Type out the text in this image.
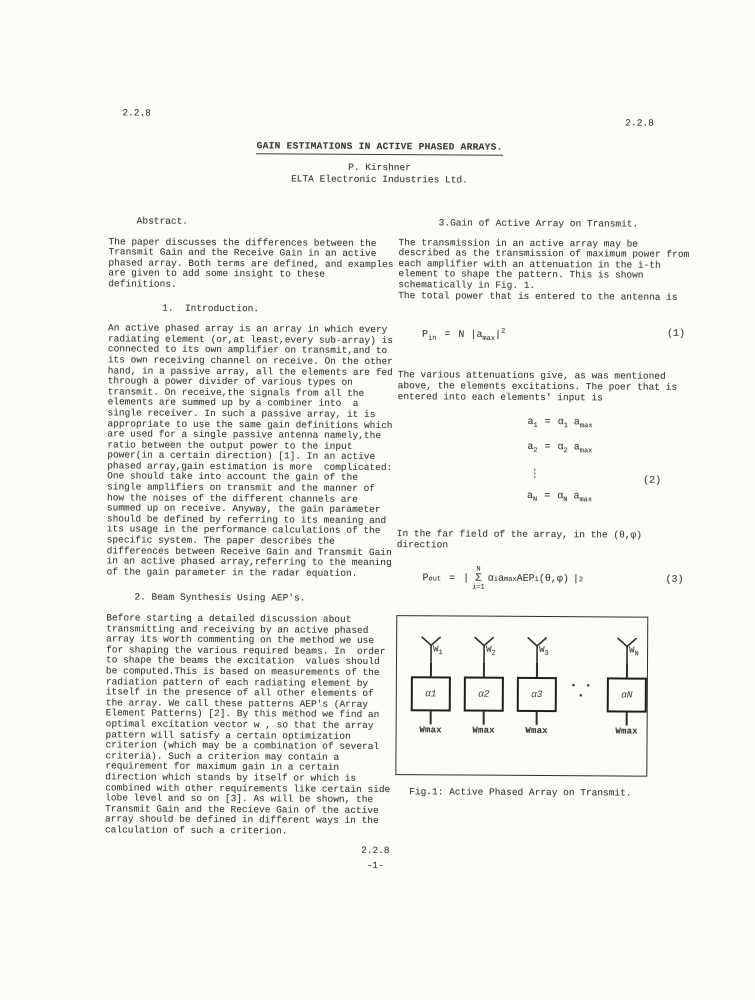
2.2.8
2.2.8
GAIN ESTIMATIONS IN ACTIVE PHASED ARRAYS.
P. Kirshner
ELTA Electronic Industries Ltd.
Abstract.
The paper discusses the differences between the Transmit Gain and the Receive Gain in an active phased array. Both terms are defined, and examples are given to add some insight to these definitions.
1.  Introduction.
An active phased array is an array in which every radiating element (or,at least,every sub-array) is connected to its own amplifier on transmit,and to its own receiving channel on receive. On the other hand, in a passive array, all the elements are fed through a power divider of various types on transmit. On receive,the signals from all the elements are summed up by a combiner into  a single receiver. In such a passive array, it is appropriate to use the same gain definitions which are used for a single passive antenna namely,the ratio between the output power to the input power(in a certain direction) [1]. In an active phased array,gain estimation is more  complicated: One should take into account the gain of the single amplifiers on transmit and the manner of how the noises of the different channels are summed up on receive. Anyway, the gain parameter should be defined by referring to its meaning and its usage in the performance calculations of the specific system. The paper describes the differences between Receive Gain and Transmit Gain in an active phased array,referring to the meaning of the gain parameter in the radar equation.
2. Beam Synthesis Using AEP's.
Before starting a detailed discussion about transmitting and receiving by an active phased array its worth commenting on the method we use for shaping the various required beams. In  order to shape the beams the excitation  values should be computed.This is based on measurements of the radiation pattern of each radiating element by itself in the presence of all other elements of the array. We call these patterns AEP's (Array Element Patterns) [2]. By this method we find an optimal excitation vector w , so that the array pattern will satisfy a certain optimization criterion (which may be a combination of several criteria). Such a criterion may contain a requirement for maximum gain in a certain direction which stands by itself or which is combined with other requirements like certain side lobe level and so on [3]. As will be shown, the Transmit Gain and the Recieve Gain of the active array should be defined in different ways in the calculation of such a criterion.
3.Gain of Active Array on Transmit.
The transmission in an active array may be described as the transmission of maximum power from each amplifier with an attenuation in the i-th element to shape the pattern. This is shown schematically in Fig. 1.
The total power that is entered to the antenna is
$P_{in} = N$ $|a_{max}|^2$	(1)
The various attenuations give, as was mentioned above, the elements excitations. The poer that is entered into each elements' input is
$a_1 = \alpha_1$ $a_{max}$
$a_2 = \alpha_2$ $a_{max}$
⋮
$a_N = \alpha_N$ $a_{max}$
(2)
In the far field of the array, in the (θ,φ) direction
P out = |
N
Σ
i=1
α i a max AEP i (θ,φ) | 2	(3)
$W_1$
α1
Wmax
$W_2$
α2
Wmax
$W_3$
α3
Wmax
• • •
$W_N$
αN
Wmax
Fig.1: Active Phased Array on Transmit.
2.2.8
-1-
